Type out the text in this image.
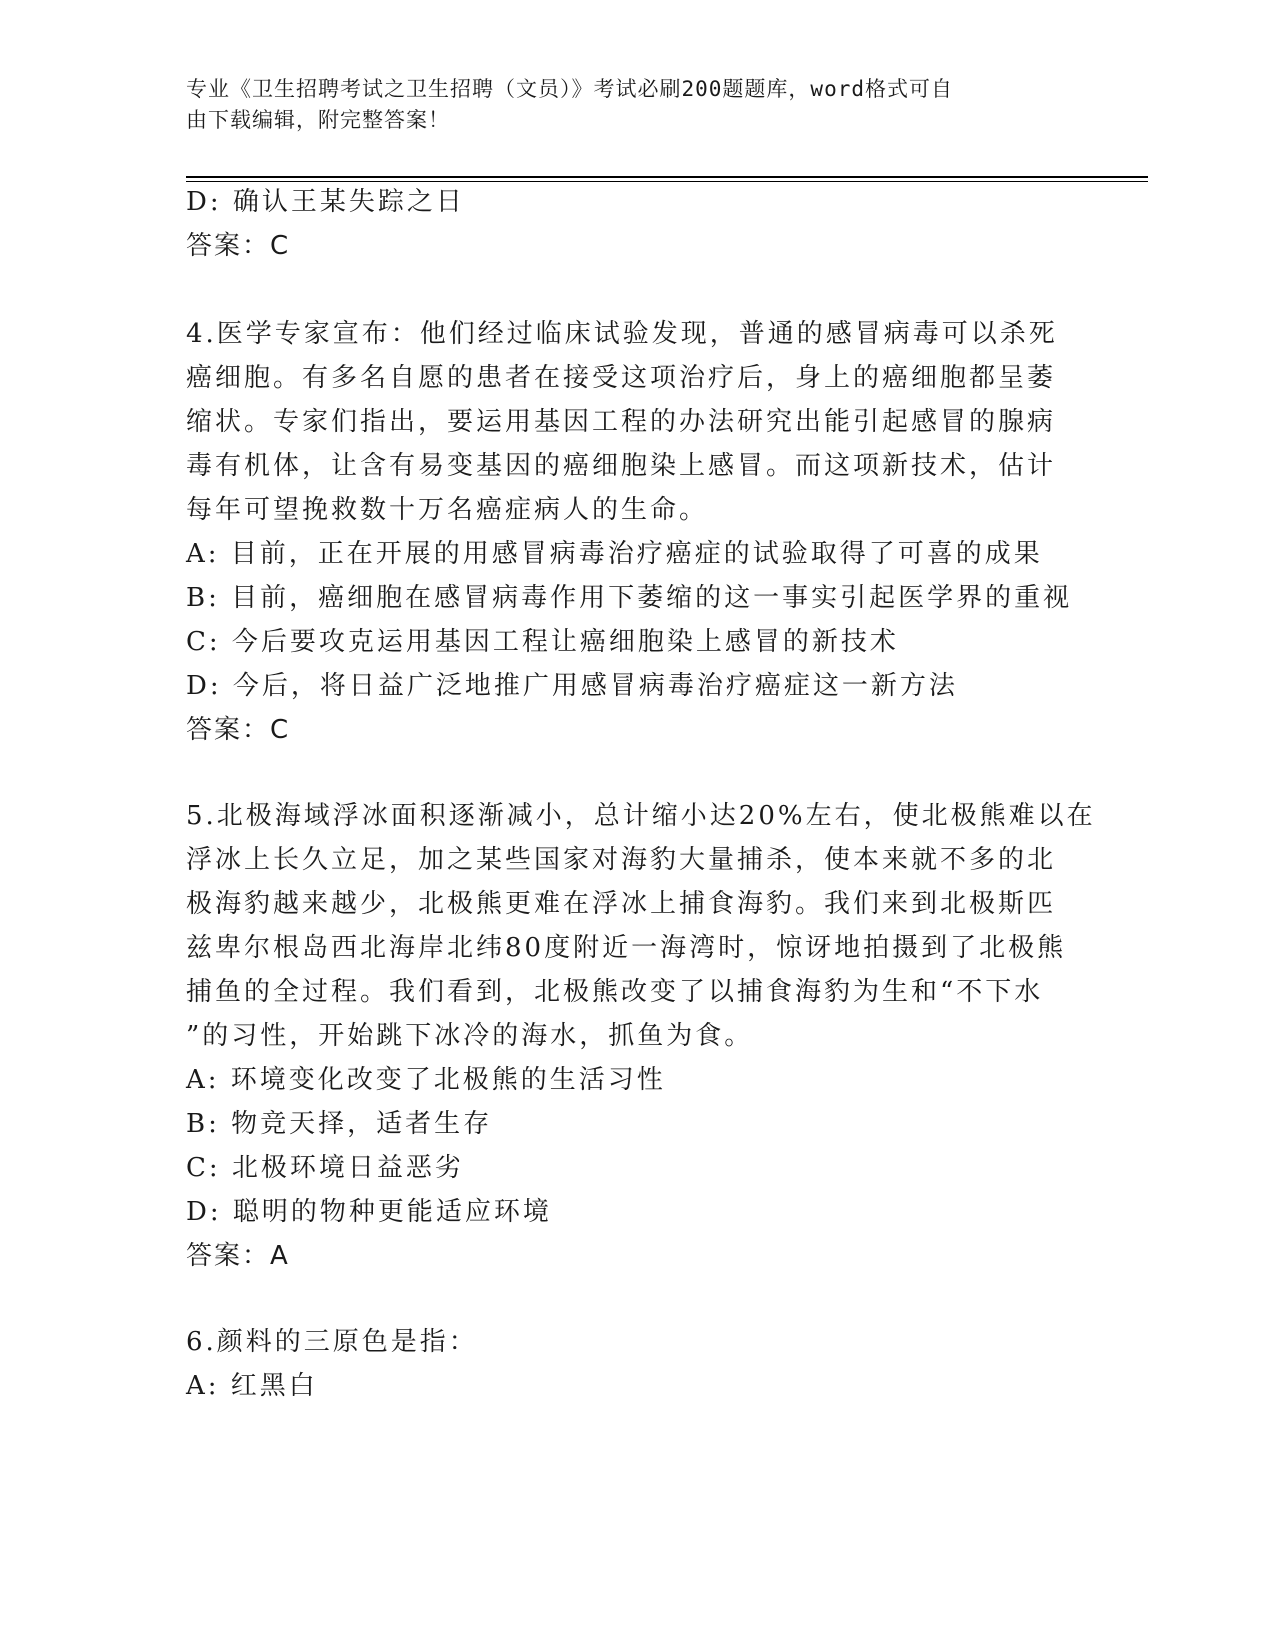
专业《卫生招聘考试之卫生招聘（文员）》考试必刷200题题库，word格式可自
由下载编辑，附完整答案！
D: 确认王某失踪之日
答案：C
4.医学专家宣布：他们经过临床试验发现，普通的感冒病毒可以杀死
癌细胞。有多名自愿的患者在接受这项治疗后，身上的癌细胞都呈萎
缩状。专家们指出，要运用基因工程的办法研究出能引起感冒的腺病
毒有机体，让含有易变基因的癌细胞染上感冒。而这项新技术，估计
每年可望挽救数十万名癌症病人的生命。
A: 目前，正在开展的用感冒病毒治疗癌症的试验取得了可喜的成果
B: 目前，癌细胞在感冒病毒作用下萎缩的这一事实引起医学界的重视
C: 今后要攻克运用基因工程让癌细胞染上感冒的新技术
D: 今后，将日益广泛地推广用感冒病毒治疗癌症这一新方法
答案：C
5.北极海域浮冰面积逐渐减小，总计缩小达20%左右，使北极熊难以在
浮冰上长久立足，加之某些国家对海豹大量捕杀，使本来就不多的北
极海豹越来越少，北极熊更难在浮冰上捕食海豹。我们来到北极斯匹
兹卑尔根岛西北海岸北纬80度附近一海湾时，惊讶地拍摄到了北极熊
捕鱼的全过程。我们看到，北极熊改变了以捕食海豹为生和“不下水
”的习性，开始跳下冰冷的海水，抓鱼为食。
A: 环境变化改变了北极熊的生活习性
B: 物竞天择，适者生存
C: 北极环境日益恶劣
D: 聪明的物种更能适应环境
答案：A
6.颜料的三原色是指：
A: 红黑白
